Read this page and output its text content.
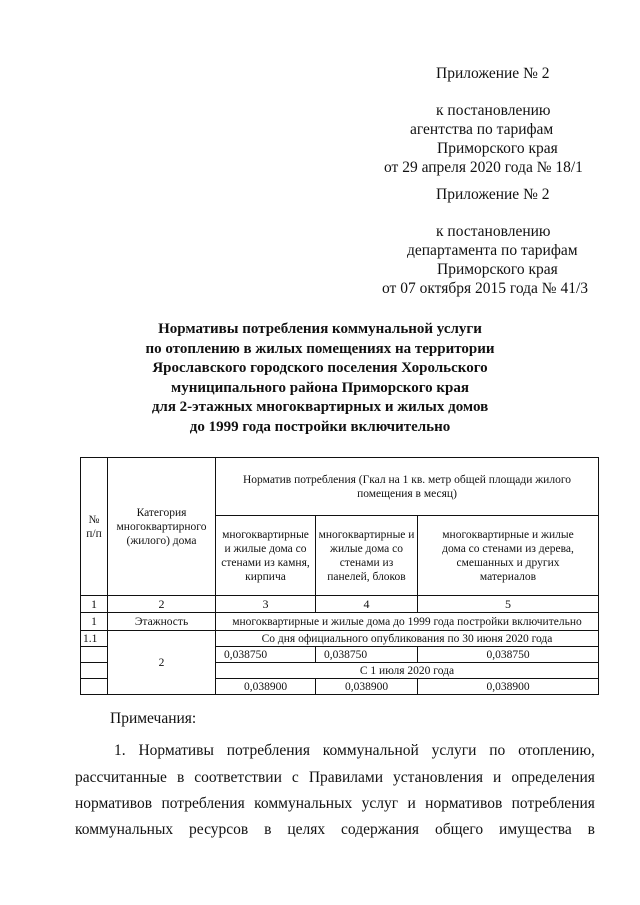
Приложение № 2
к постановлению
агентства по тарифам
Приморского края
от 29 апреля 2020 года № 18/1
Приложение № 2
к постановлению
департамента по тарифам
Приморского края
от 07 октября 2015 года № 41/3
Нормативы потребления коммунальной услуги
по отоплению в жилых помещениях на территории
Ярославского городского поселения Хорольского
муниципального района Приморского края
для 2-этажных многоквартирных и жилых домов
до 1999 года постройки включительно
№ п/п	Категория многоквартирного (жилого) дома	Норматив потребления (Гкал на 1 кв. метр общей площади жилого помещения в месяц)		
		многоквартирные и жилые дома со стенами из камня, кирпича	многоквартирные и жилые дома со стенами из панелей, блоков	многоквартирные и жилые дома со стенами из дерева, смешанных и других материалов
1	2	3	4	5
1	Этажность	многоквартирные и жилые дома до 1999 года постройки включительно		
1.1	2	Со дня официального опубликования по 30 июня 2020 года		
		0,038750	0,038750	0,038750
		С 1 июля 2020 года		
		0,038900	0,038900	0,038900
Примечания:
1. Нормативы потребления коммунальной услуги по отоплению,
рассчитанные в соответствии с Правилами установления и определения
нормативов потребления коммунальных услуг и нормативов потребления
коммунальных ресурсов в целях содержания общего имущества в
